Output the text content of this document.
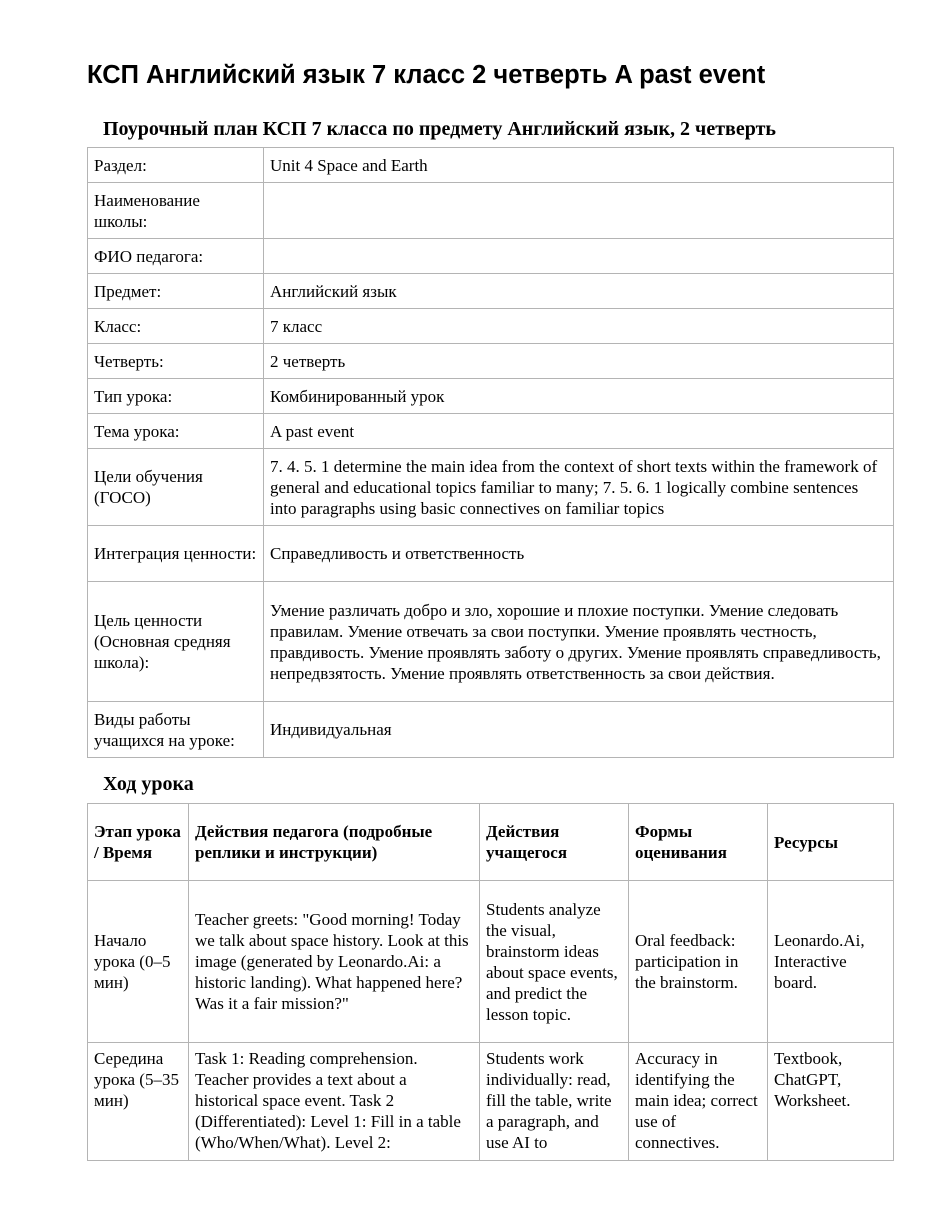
КСП Английский язык 7 класс 2 четверть A past event
Поурочный план КСП 7 класса по предмету Английский язык, 2 четверть
Раздел:	Unit 4 Space and Earth
Наименование школы:	
ФИО педагога:	
Предмет:	Английский язык
Класс:	7 класс
Четверть:	2 четверть
Тип урока:	Комбинированный урок
Тема урока:	A past event
Цели обучения (ГОСО)	7. 4. 5. 1 determine the main idea from the context of short texts within the framework of general and educational topics familiar to many; 7. 5. 6. 1 logically combine sentences into paragraphs using basic connectives on familiar topics
Интеграция ценности:	Справедливость и ответственность
Цель ценности (Основная средняя школа):	Умение различать добро и зло, хорошие и плохие поступки. Умение следовать правилам. Умение отвечать за свои поступки. Умение проявлять честность, правдивость. Умение проявлять заботу о других. Умение проявлять справедливость, непредвзятость. Умение проявлять ответственность за свои действия.
Виды работы учащихся на уроке:	Индивидуальная
Ход урока
Этап урока / Время	Действия педагога (подробные реплики и инструкции)	Действия учащегося	Формы оценивания	Ресурсы
Начало урока (0–5 мин)	Teacher greets: "Good morning! Today we talk about space history. Look at this image (generated by Leonardo.Ai: a historic landing). What happened here? Was it a fair mission?"	Students analyze the visual, brainstorm ideas about space events, and predict the lesson topic.	Oral feedback: participation in the brainstorm.	Leonardo.Ai, Interactive board.
Середина урока (5–35 мин)	Task 1: Reading comprehension. Teacher provides a text about a historical space event. Task 2 (Differentiated): Level 1: Fill in a table (Who/When/What). Level 2:	Students work individually: read, fill the table, write a paragraph, and use AI to	Accuracy in identifying the main idea; correct use of connectives.	Textbook, ChatGPT, Worksheet.
